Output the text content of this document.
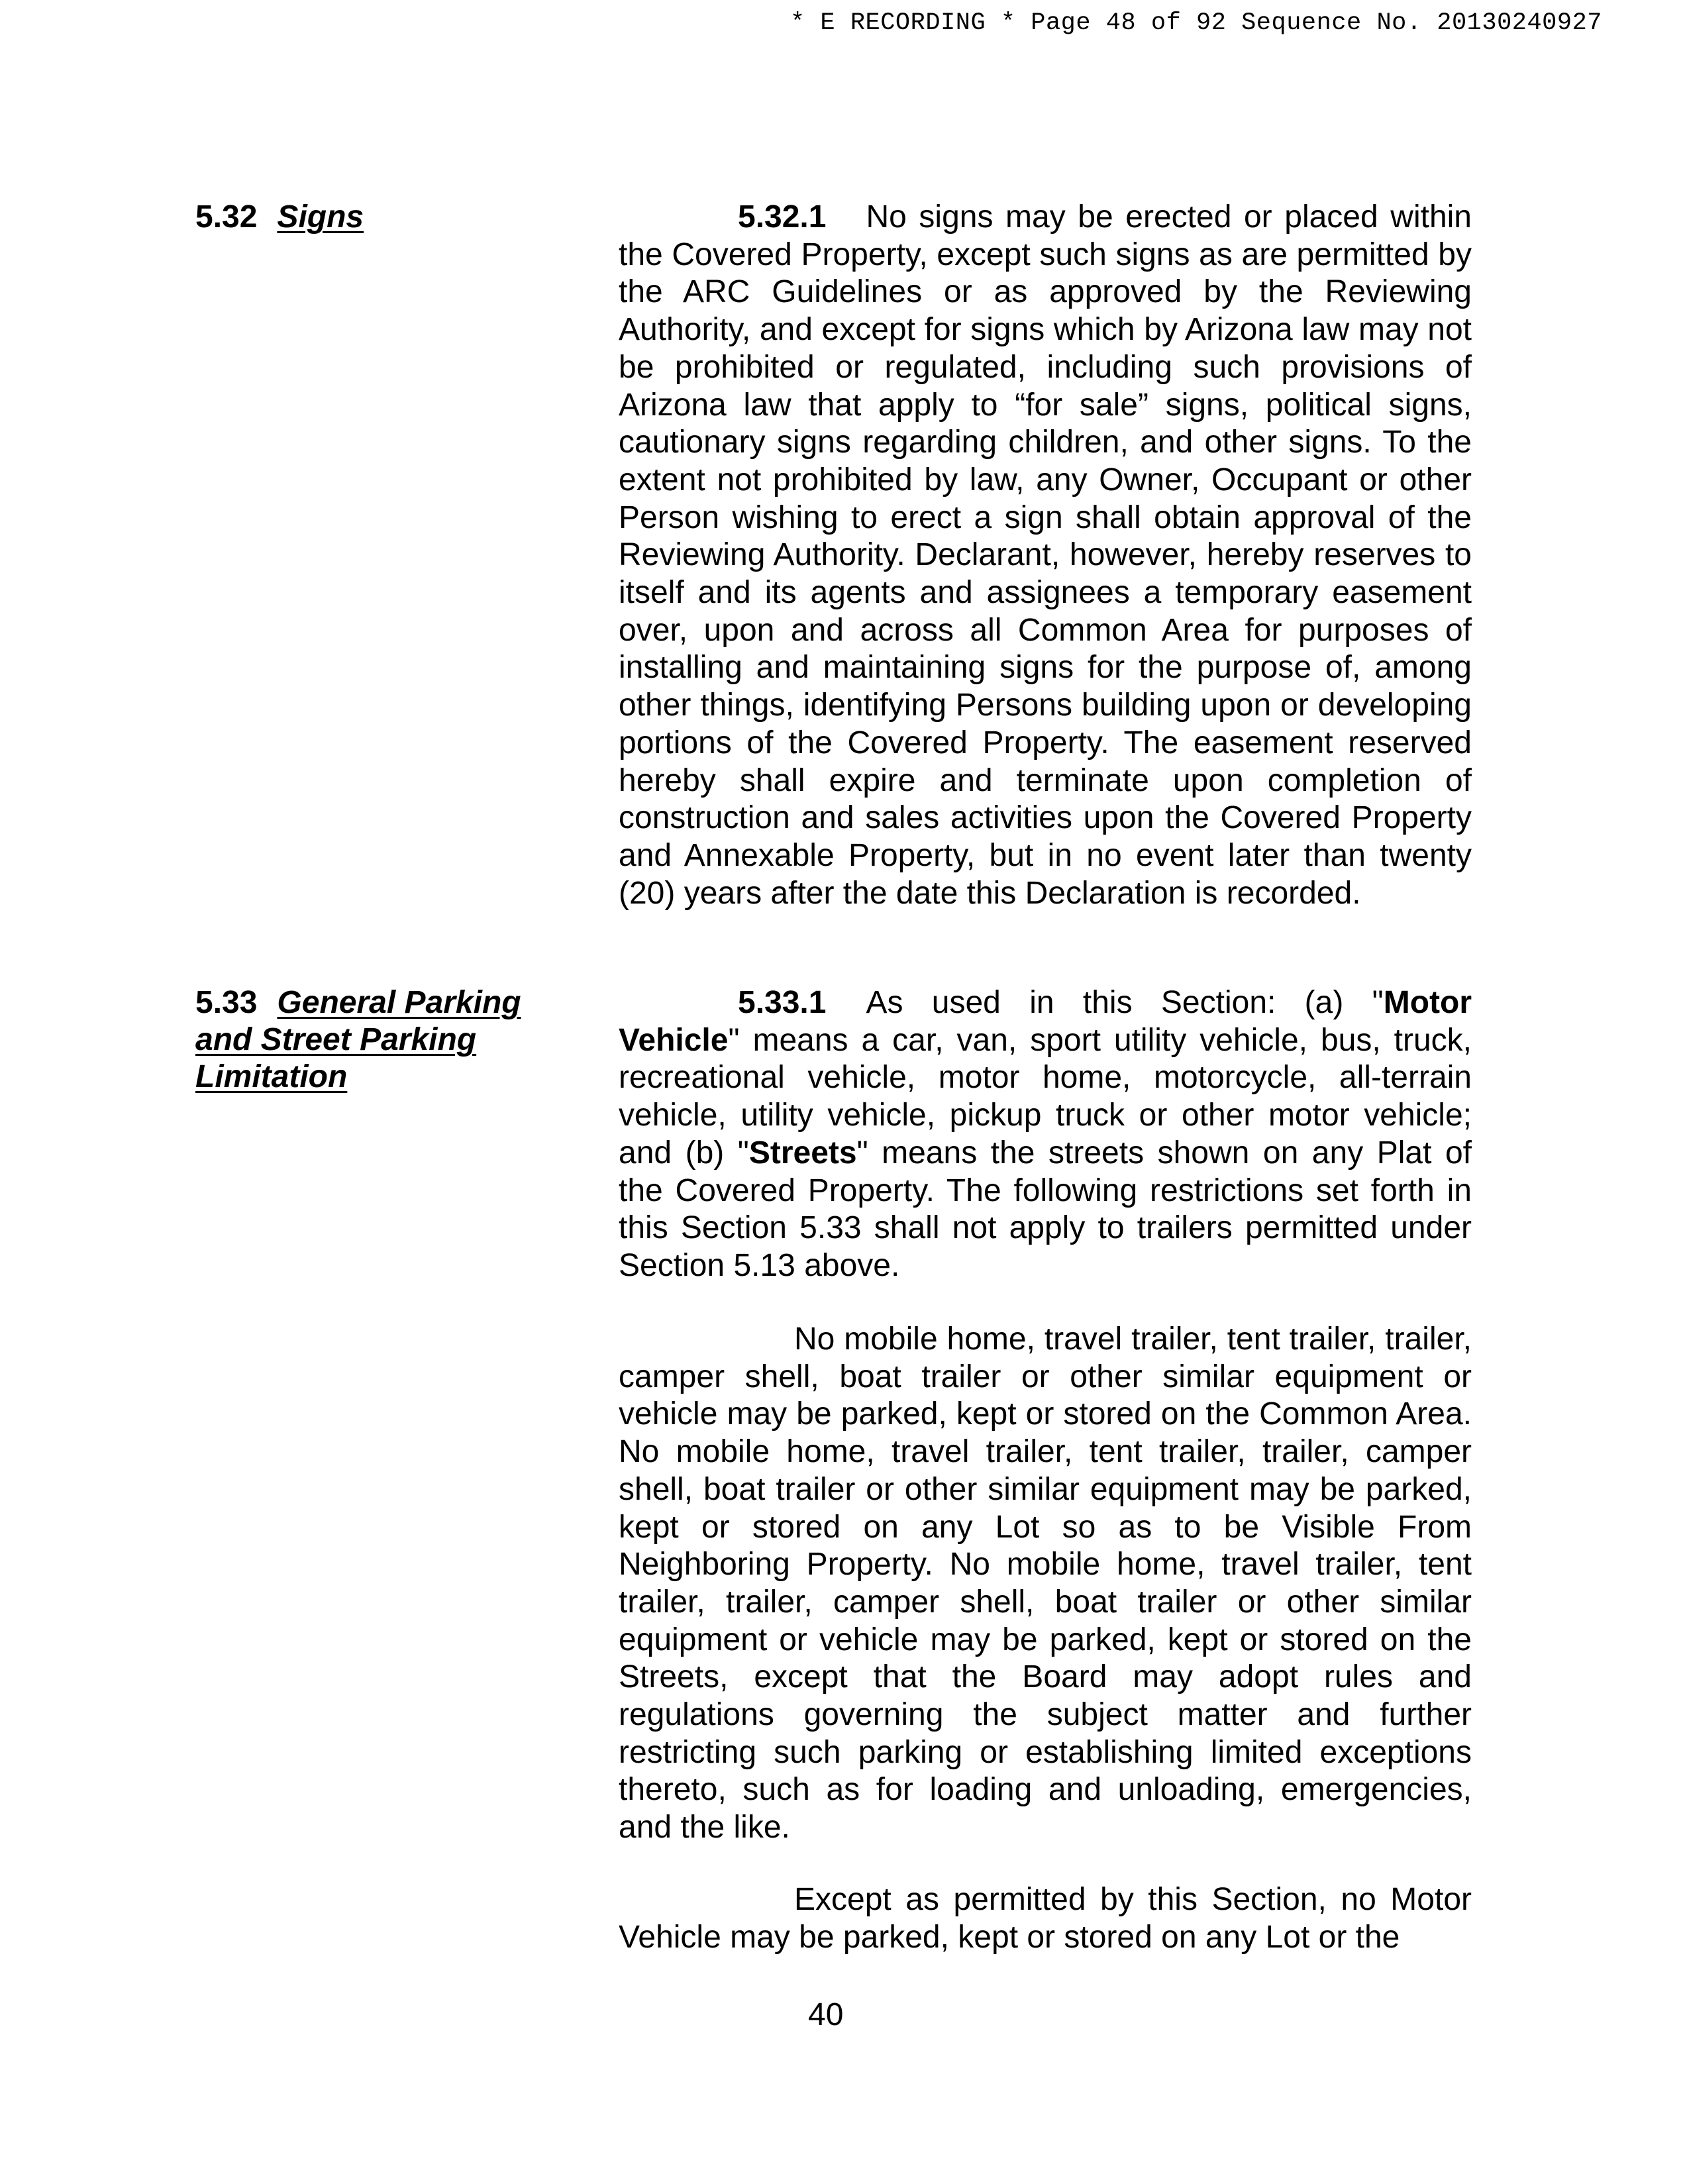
* E RECORDING * Page 48 of 92 Sequence No. 20130240927
5.32 Signs	5.32.1 No signs may be erected or placed within the Covered Property, except such signs as are permitted by the ARC Guidelines or as approved by the Reviewing Authority, and except for signs which by Arizona law may not be prohibited or regulated, including such provisions of Arizona law that apply to “for sale” signs, political signs, cautionary signs regarding children, and other signs. To the extent not prohibited by law, any Owner, Occupant or other Person wishing to erect a sign shall obtain approval of the Reviewing Authority. Declarant, however, hereby reserves to itself and its agents and assignees a temporary easement over, upon and across all Common Area for purposes of installing and maintaining signs for the purpose of, among other things, identifying Persons building upon or developing portions of the Covered Property. The easement reserved hereby shall expire and terminate upon completion of construction and sales activities upon the Covered Property and Annexable Property, but in no event later than twenty (20) years after the date this Declaration is recorded.

5.33 General Parking
and Street Parking
Limitation

5.33.1 As used in this Section: (a) "Motor Vehicle" means a car, van, sport utility vehicle, bus, truck, recreational vehicle, motor home, motorcycle, all-terrain vehicle, utility vehicle, pickup truck or other motor vehicle; and (b) "Streets" means the streets shown on any Plat of the Covered Property. The following restrictions set forth in this Section 5.33 shall not apply to trailers permitted under Section 5.13 above.

No mobile home, travel trailer, tent trailer, trailer, camper shell, boat trailer or other similar equipment or vehicle may be parked, kept or stored on the Common Area. No mobile home, travel trailer, tent trailer, trailer, camper shell, boat trailer or other similar equipment may be parked, kept or stored on any Lot so as to be Visible From Neighboring Property. No mobile home, travel trailer, tent trailer, trailer, camper shell, boat trailer or other similar equipment or vehicle may be parked, kept or stored on the Streets, except that the Board may adopt rules and regulations governing the subject matter and further restricting such parking or establishing limited exceptions thereto, such as for loading and unloading, emergencies, and the like.

Except as permitted by this Section, no Motor Vehicle may be parked, kept or stored on any Lot or the

40
